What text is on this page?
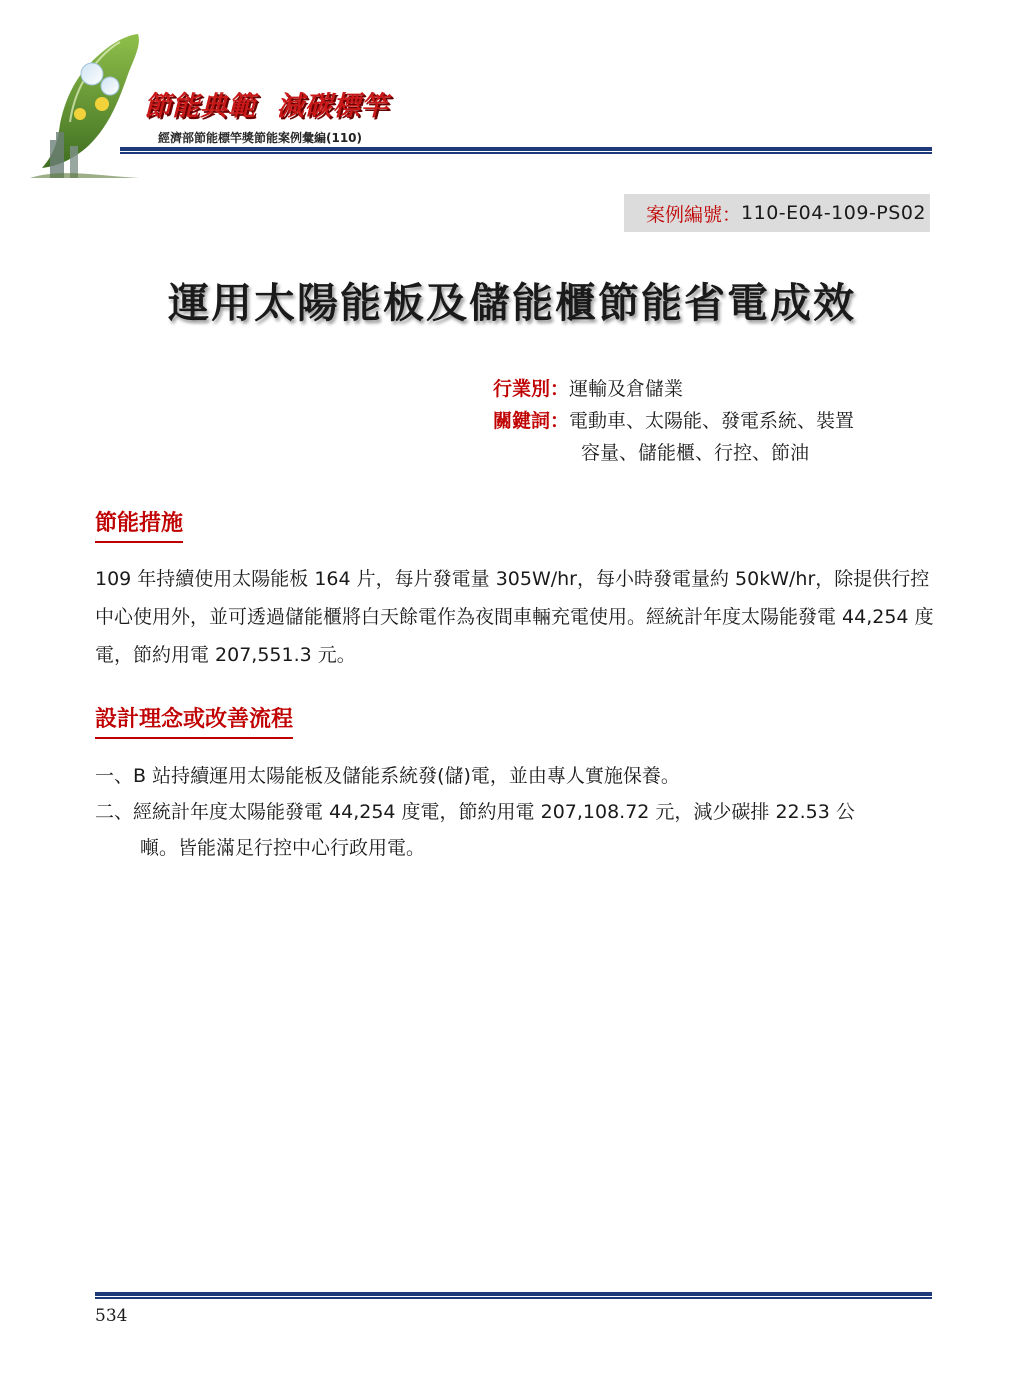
節能典範  減碳標竿
經濟部節能標竿獎節能案例彙編(110)
案例編號： 110-E04-109-PS02
運用太陽能板及儲能櫃節能省電成效
行業別：運輸及倉儲業
關鍵詞：電動車、太陽能、發電系統、裝置
容量、儲能櫃、行控、節油
節能措施
109 年持續使用太陽能板 164 片，每片發電量 305W/hr，每小時發電量約 50kW/hr，除提供行控中心使用外，並可透過儲能櫃將白天餘電作為夜間車輛充電使用。經統計年度太陽能發電 44,254 度電，節約用電 207,551.3 元。
設計理念或改善流程
一、B 站持續運用太陽能板及儲能系統發(儲)電，並由專人實施保養。
二、經統計年度太陽能發電 44,254 度電，節約用電 207,108.72 元，減少碳排 22.53 公
噸。皆能滿足行控中心行政用電。
534
